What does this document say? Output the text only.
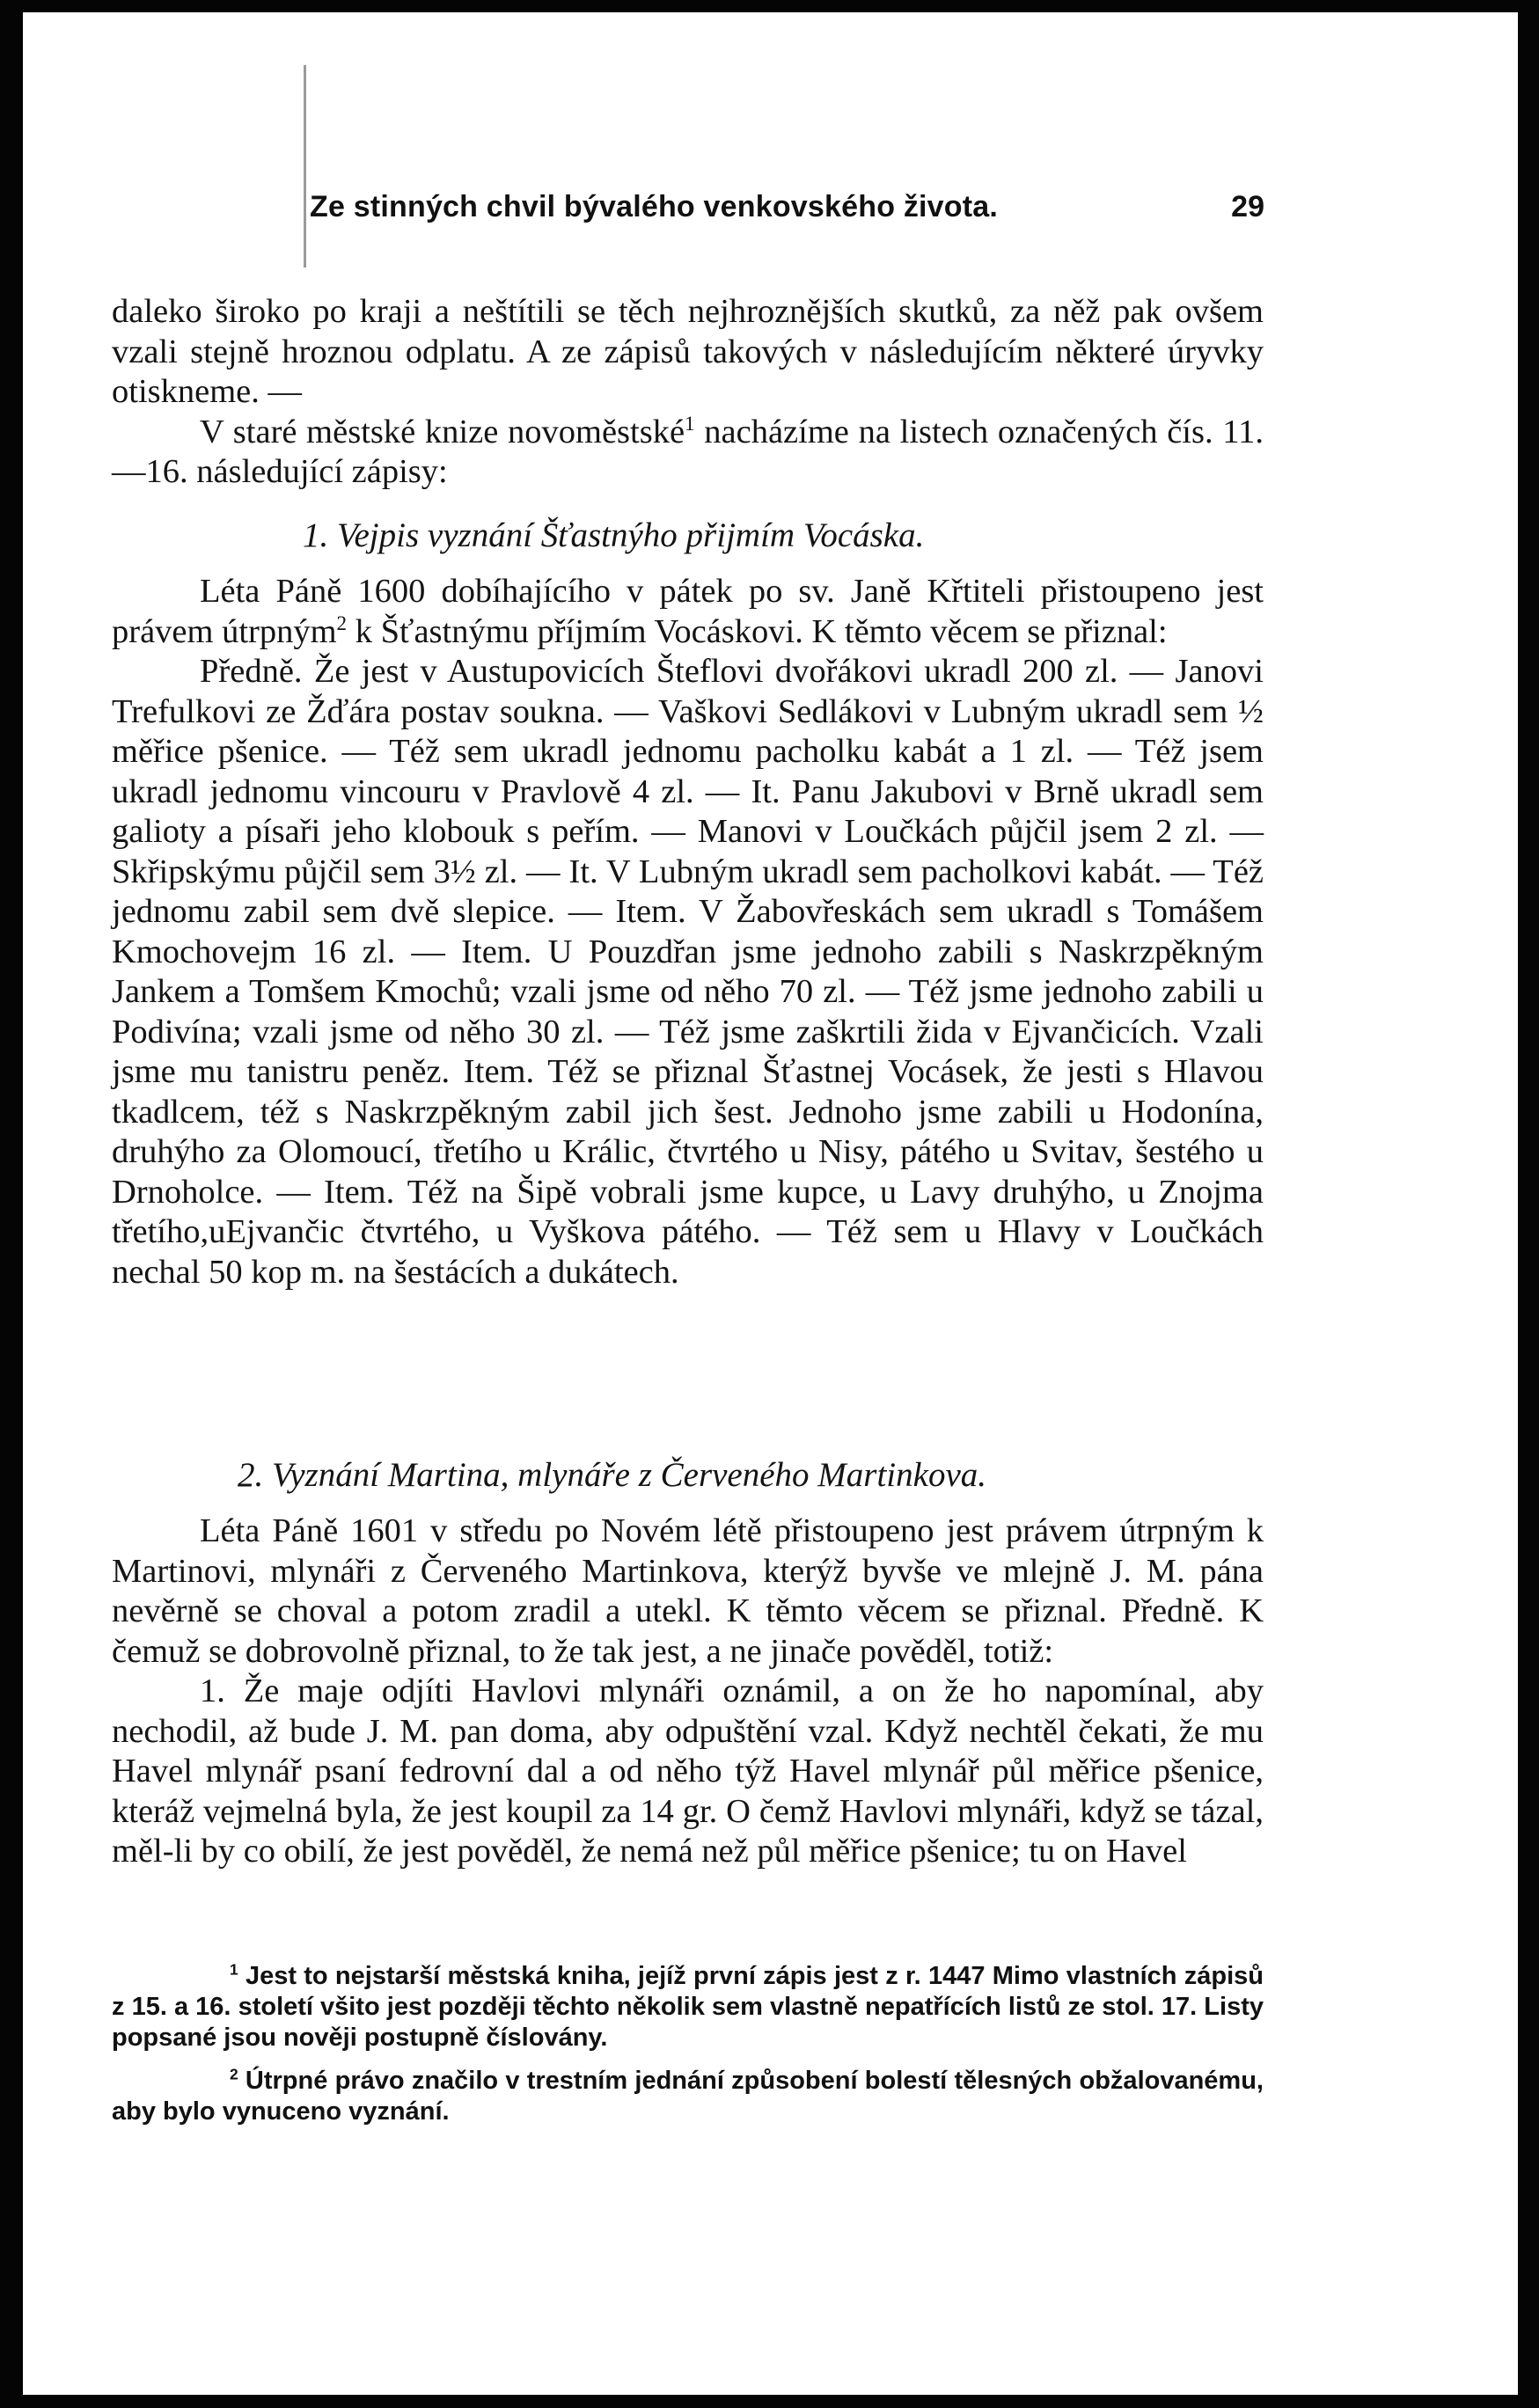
Ze stinných chvil bývalého venkovského života.	29

daleko široko po kraji a neštítili se těch nejhroznějších skutků, za něž pak ovšem vzali stejně hroznou odplatu. A ze zápisů takových v následujícím některé úryvky otiskneme. —

V staré městské knize novoměstské$^1$ nacházíme na listech označených čís. 11.—16. následující zápisy:

1. Vejpis vyznání Šťastnýho přijmím Vocáska.

Léta Páně 1600 dobíhajícího v pátek po sv. Janě Křtiteli přistoupeno jest právem útrpným$^2$ k Šťastnýmu příjmím Vocáskovi. K těmto věcem se přiznal:

Předně. Že jest v Austupovicích Šteflovi dvořákovi ukradl 200 zl. — Janovi Trefulkovi ze Žďára postav soukna. — Vaškovi Sedlákovi v Lubným ukradl sem ½ měřice pšenice. — Též sem ukradl jednomu pacholku kabát a 1 zl. — Též jsem ukradl jednomu vincouru v Pravlově 4 zl. — It. Panu Jakubovi v Brně ukradl sem galioty a písaři jeho klobouk s peřím. — Manovi v Loučkách půjčil jsem 2 zl. — Skřipskýmu půjčil sem 3½ zl. — It. V Lubným ukradl sem pacholkovi kabát. — Též jednomu zabil sem dvě slepice. — Item. V Žabovřeskách sem ukradl s Tomášem Kmochovejm 16 zl. — Item. U Pouzdřan jsme jednoho zabili s Naskrzpěkným Jankem a Tomšem Kmochů; vzali jsme od něho 70 zl. — Též jsme jednoho zabili u Podivína; vzali jsme od něho 30 zl. — Též jsme zaškrtili žida v Ejvančicích. Vzali jsme mu tanistru peněz. Item. Též se přiznal Šťastnej Vocásek, že jesti s Hlavou tkadlcem, též s Naskrzpěkným zabil jich šest. Jednoho jsme zabili u Hodonína, druhýho za Olomoucí, třetího u Králic, čtvrtého u Nisy, pátého u Svitav, šestého u Drnoholce. — Item. Též na Šipě vobrali jsme kupce, u Lavy druhýho, u Znojma třetího,uEjvančic čtvrtého, u Vyškova pátého. — Též sem u Hlavy v Loučkách nechal 50 kop m. na šestácích a dukátech.

2. Vyznání Martina, mlynáře z Červeného Martinkova.

Léta Páně 1601 v středu po Novém létě přistoupeno jest právem útrpným k Martinovi, mlynáři z Červeného Martinkova, kterýž byvše ve mlejně J. M. pána nevěrně se choval a potom zradil a utekl. K těmto věcem se přiznal. Předně. K čemuž se dobrovolně přiznal, to že tak jest, a ne jinače pověděl, totiž:

1. Že maje odjíti Havlovi mlynáři oznámil, a on že ho napomínal, aby nechodil, až bude J. M. pan doma, aby odpuštění vzal. Když nechtěl čekati, že mu Havel mlynář psaní fedrovní dal a od něho týž Havel mlynář půl měřice pšenice, kteráž vejmelná byla, že jest koupil za 14 gr. O čemž Havlovi mlynáři, když se tázal, měl-li by co obilí, že jest pověděl, že nemá než půl měřice pšenice; tu on Havel

$^1$ Jest to nejstarší městská kniha, jejíž první zápis jest z r. 1447 Mimo vlastních zápisů z 15. a 16. století všito jest později těchto několik sem vlastně nepatřících listů ze stol. 17. Listy popsané jsou nověji postupně číslovány.

$^2$ Útrpné právo značilo v trestním jednání způsobení bolestí tělesných obžalovanému, aby bylo vynuceno vyznání.
